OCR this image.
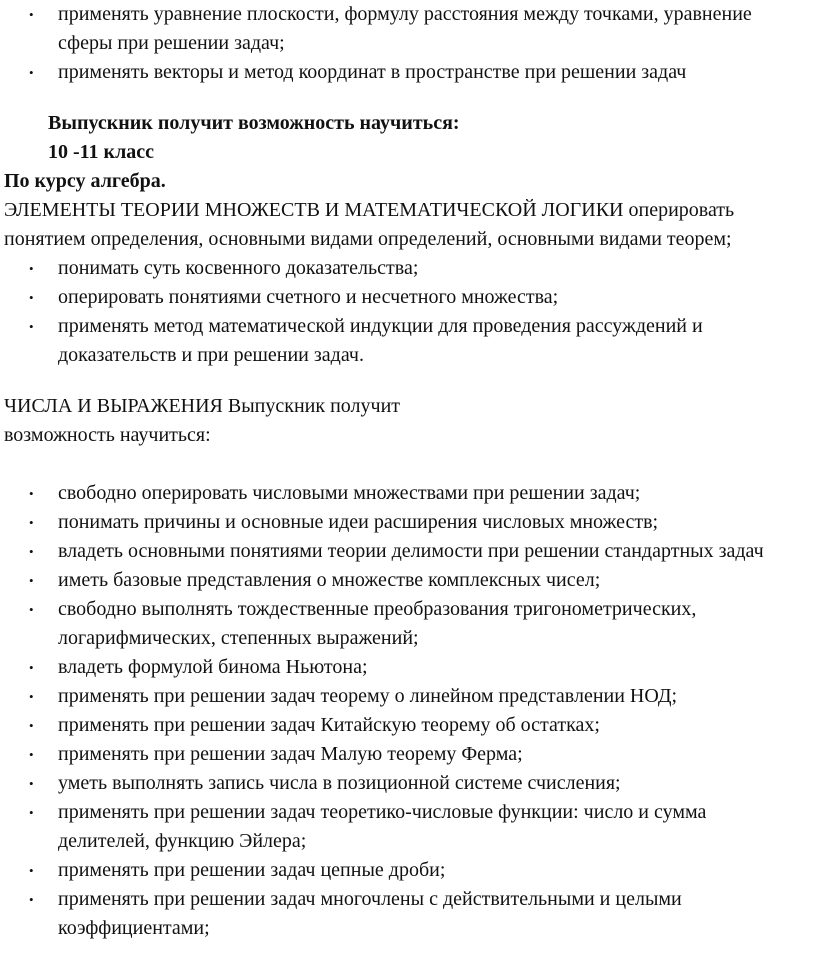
• применять уравнение плоскости, формулу расстояния между точками, уравнение сферы при решении задач;
• применять векторы и метод координат в пространстве при решении задач
Выпускник получит возможность научиться:
10 -11 класс
По курсу алгебра.
ЭЛЕМЕНТЫ ТЕОРИИ МНОЖЕСТВ И МАТЕМАТИЧЕСКОЙ ЛОГИКИ оперировать понятием определения, основными видами определений, основными видами теорем;
• понимать суть косвенного доказательства;
• оперировать понятиями счетного и несчетного множества;
• применять метод математической индукции для проведения рассуждений и доказательств и при решении задач.
ЧИСЛА И ВЫРАЖЕНИЯ Выпускник получит
возможность научиться:
• свободно оперировать числовыми множествами при решении задач;
• понимать причины и основные идеи расширения числовых множеств;
• владеть основными понятиями теории делимости при решении стандартных задач
• иметь базовые представления о множестве комплексных чисел;
• свободно выполнять тождественные преобразования тригонометрических, логарифмических, степенных выражений;
• владеть формулой бинома Ньютона;
• применять при решении задач теорему о линейном представлении НОД;
• применять при решении задач Китайскую теорему об остатках;
• применять при решении задач Малую теорему Ферма;
• уметь выполнять запись числа в позиционной системе счисления;
• применять при решении задач теоретико-числовые функции: число и сумма делителей, функцию Эйлера;
• применять при решении задач цепные дроби;
• применять при решении задач многочлены с действительными и целыми коэффициентами;
